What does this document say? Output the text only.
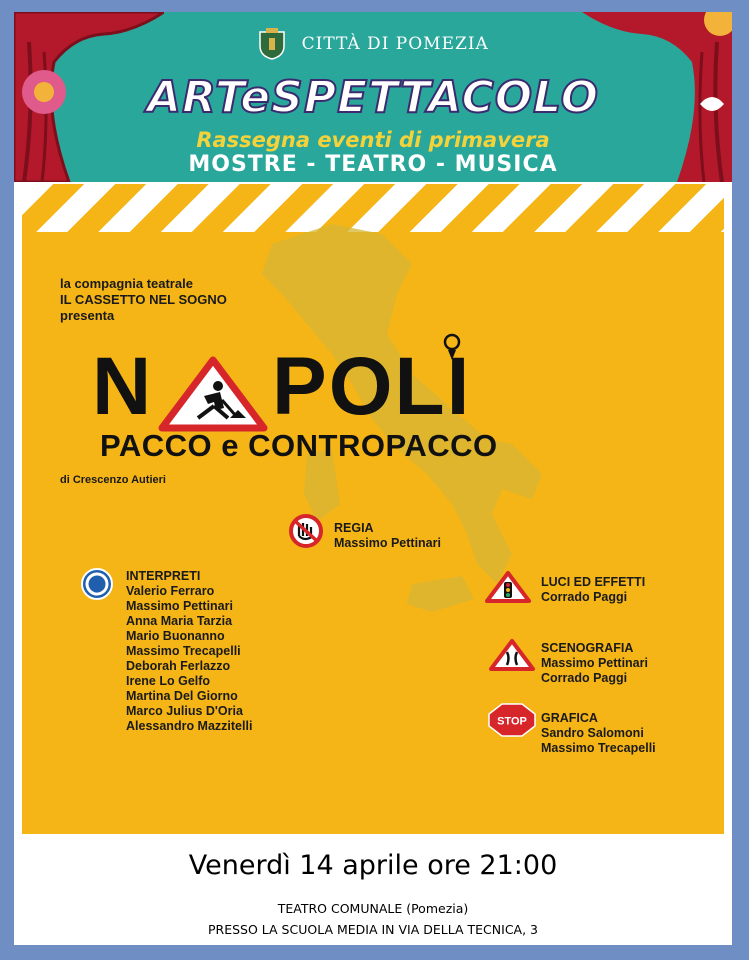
CITTÀ DI POMEZIA
ARTeSPETTACOLO
Rassegna eventi di primavera
MOSTRE - TEATRO - MUSICA
la compagnia teatrale
IL CASSETTO NEL SOGNO
presenta
N POLI
PACCO e CONTROPACCO
di Crescenzo Autieri
REGIA
Massimo Pettinari
INTERPRETI
Valerio Ferraro
Massimo Pettinari
Anna Maria Tarzia
Mario Buonanno
Massimo Trecapelli
Deborah Ferlazzo
Irene Lo Gelfo
Martina Del Giorno
Marco Julius D'Oria
Alessandro Mazzitelli
LUCI ED EFFETTI
Corrado Paggi
SCENOGRAFIA
Massimo Pettinari
Corrado Paggi
STOP GRAFICA
Sandro Salomoni
Massimo Trecapelli
Venerdì 14 aprile ore 21:00
TEATRO COMUNALE (Pomezia)
PRESSO LA SCUOLA MEDIA IN VIA DELLA TECNICA, 3
